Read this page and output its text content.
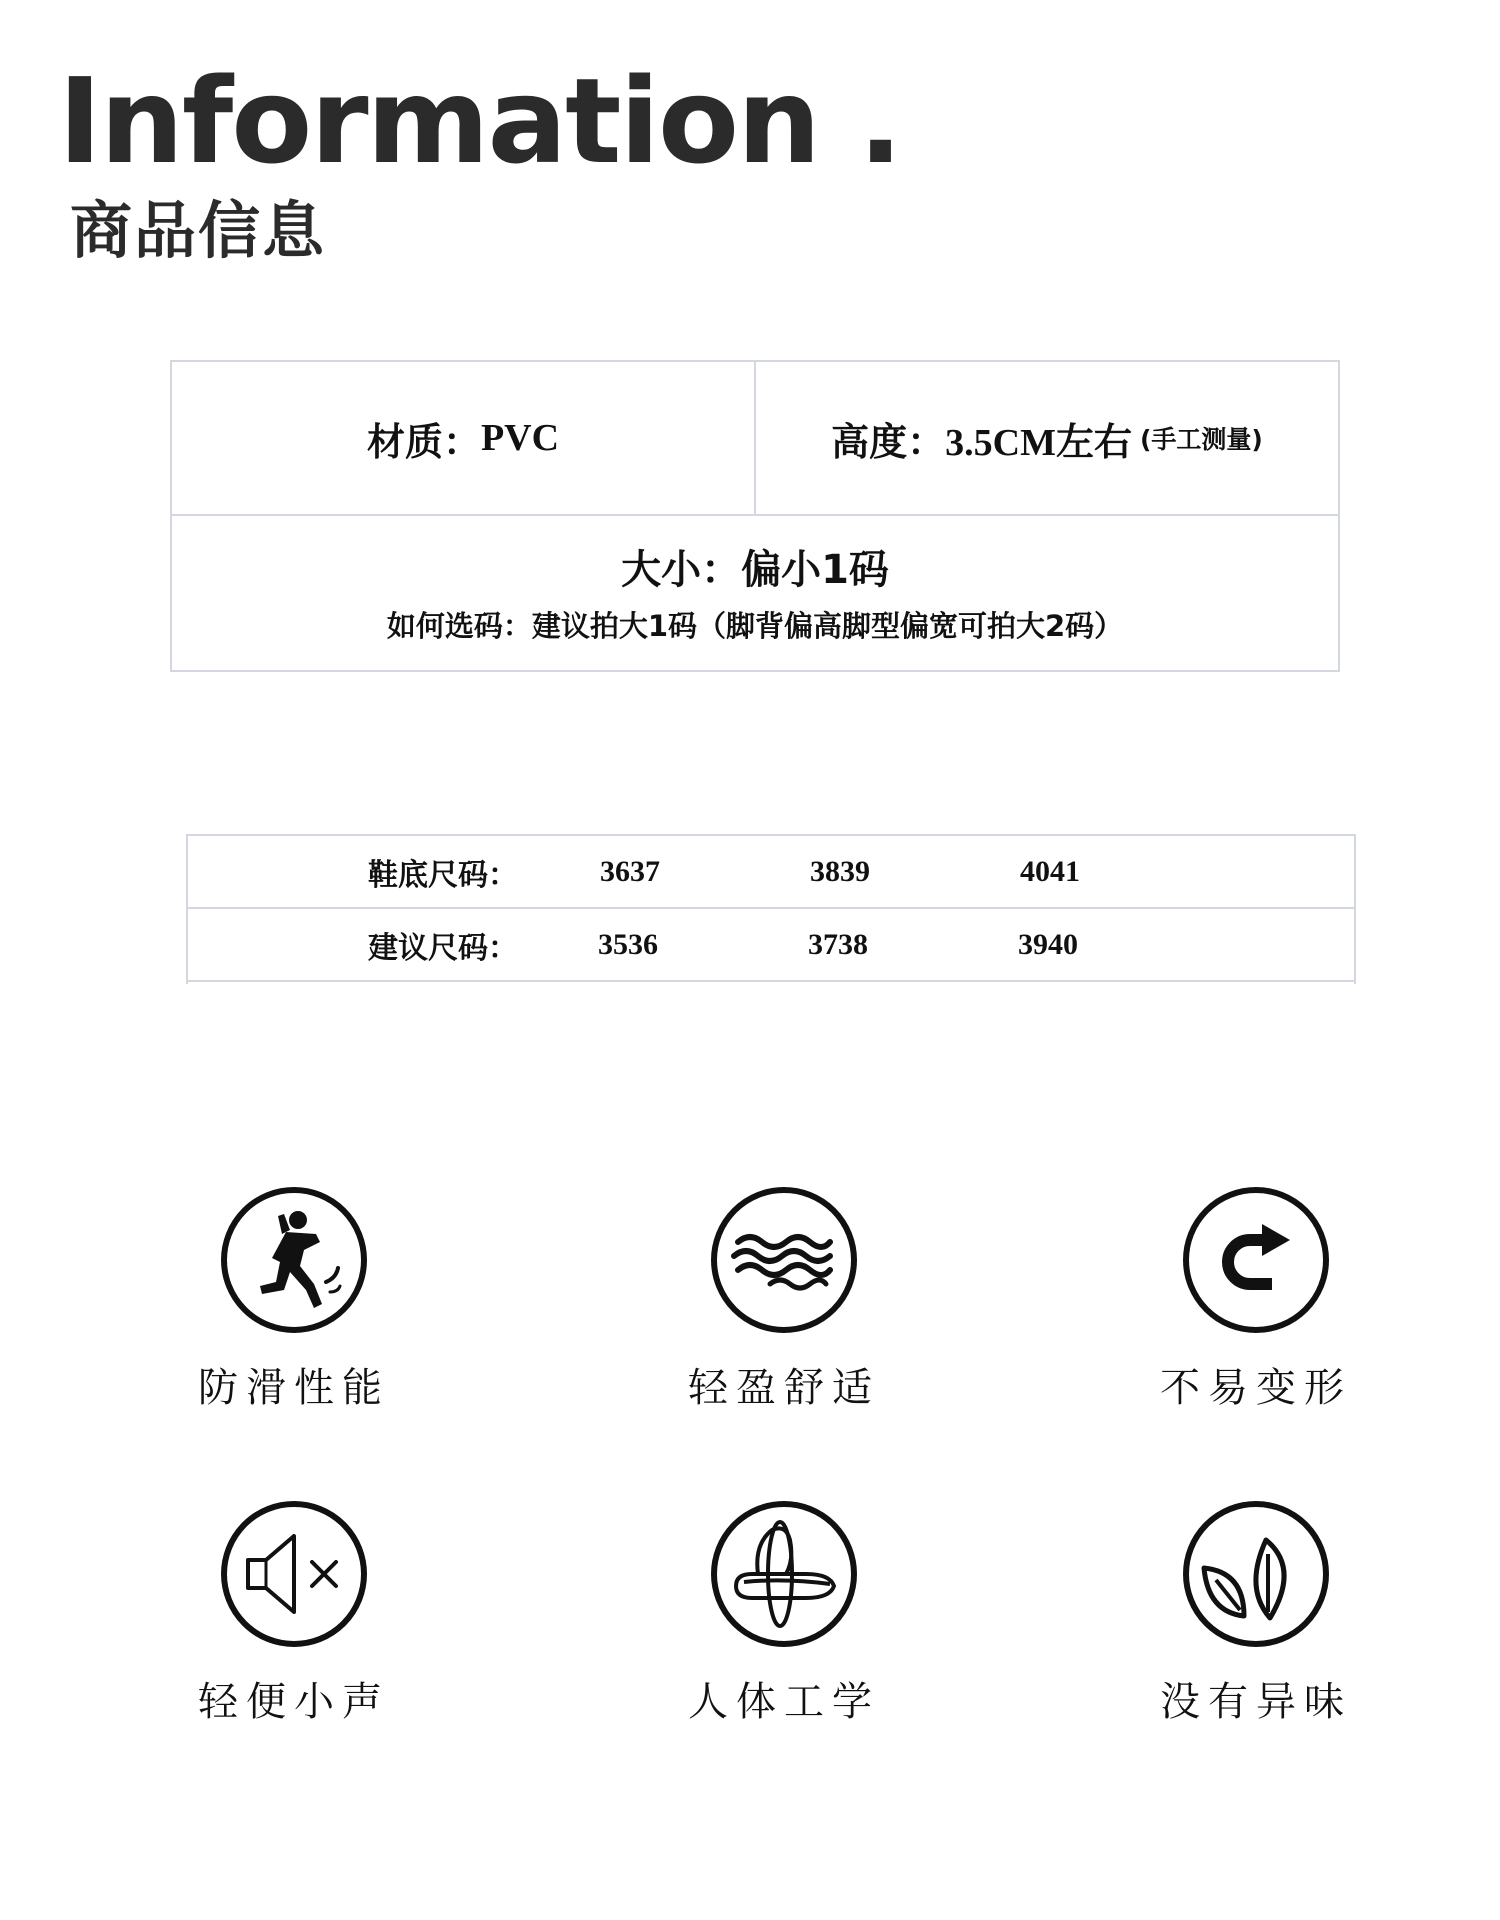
Information .
商品信息
材质： PVC	高度： 3.5CM左右 (手工测量)
大小：偏小1码
如何选码：建议拍大1码（脚背偏高脚型偏宽可拍大2码）
鞋底尺码：	3637	3839	4041
建议尺码：	3536	3738	3940
防滑性能	轻盈舒适	不易变形
轻便小声	人体工学	没有异味
